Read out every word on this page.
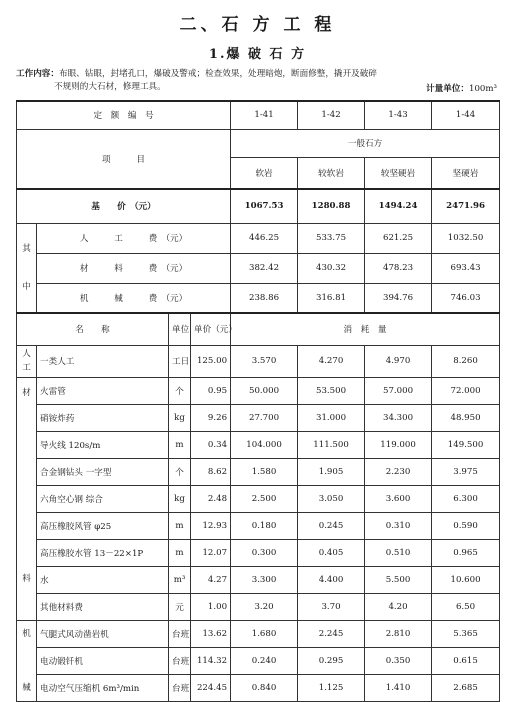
二、石 方 工 程
1.爆 破 石 方
工作内容：布眼、钻眼，封堵孔口，爆破及警戒；检查效果，处理暗炮，断面修整，撬开及破碎
不规则的大石材，修理工具。	计量单位：100m³
定　额　编　号				1-41	1-42	1-43	1-44
项　　　目				一般石方			
				软岩	较软岩	较坚硬岩	坚硬岩
基　　价　（元）				1067.53	1280.88	1494.24	2471.96

其
中	人　　　工　　　费　（元）			446.25	533.75	621.25	1032.50
	材　　　料　　　费　（元）			382.42	430.32	478.23	693.43
	机　　　械　　　费　（元）			238.86	316.81	394.76	746.03
名　　称		单位	单价（元）	消　耗　量			

人
工	一类人工	工日	125.00	3.570	4.270	4.970	8.260

材
料	火雷管	个	0.95	50.000	53.500	57.000	72.000
	硝铵炸药	kg	9.26	27.700	31.000	34.300	48.950
	导火线 120s/m	m	0.34	104.000	111.500	119.000	149.500
	合金钢钻头 一字型	个	8.62	1.580	1.905	2.230	3.975
	六角空心钢 综合	kg	2.48	2.500	3.050	3.600	6.300
	高压橡胶风管 φ25	m	12.93	0.180	0.245	0.310	0.590
	高压橡胶水管 13－22×1P	m	12.07	0.300	0.405	0.510	0.965
	水	m³	4.27	3.300	4.400	5.500	10.600
	其他材料费	元	1.00	3.20	3.70	4.20	6.50

机
械	气腿式风动凿岩机	台班	13.62	1.680	2.245	2.810	5.365
	电动锻钎机	台班	114.32	0.240	0.295	0.350	0.615
	电动空气压缩机 6m³/min	台班	224.45	0.840	1.125	1.410	2.685
